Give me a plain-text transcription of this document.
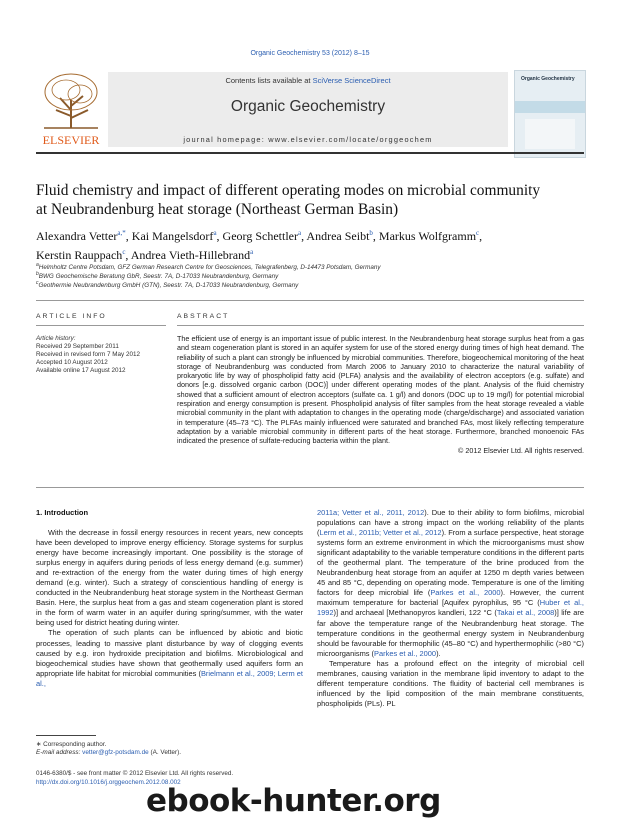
Organic Geochemistry 53 (2012) 8–15
ELSEVIER
Contents lists available at SciVerse ScienceDirect
Organic Geochemistry
journal homepage: www.elsevier.com/locate/orggeochem
Organic Geochemistry
Fluid chemistry and impact of different operating modes on microbial community
at Neubrandenburg heat storage (Northeast German Basin)
Alexandra Vetter$^{a,*}$, Kai Mangelsdorf$^a$, Georg Schettler$^a$, Andrea Seibt$^b$, Markus Wolfgramm$^c$,
Kerstin Rauppach$^c$, Andrea Vieth-Hillebrand$^a$
$^a$Helmholtz Centre Potsdam, GFZ German Research Centre for Geosciences, Telegrafenberg, D-14473 Potsdam, Germany
$^b$BWG Geochemische Beratung GbR, Seestr. 7A, D-17033 Neubrandenburg, Germany
$^c$Geothermie Neubrandenburg GmbH (GTN), Seestr. 7A, D-17033 Neubrandenburg, Germany
ARTICLE INFO	ABSTRACT
Article history:
Received 29 September 2011
Received in revised form 7 May 2012
Accepted 10 August 2012
Available online 17 August 2012
The efficient use of energy is an important issue of public interest. In the Neubrandenburg heat storage surplus heat from a gas and steam cogeneration plant is stored in an aquifer system for use of the stored energy during times of high heat demand. The reliability of such a plant can strongly be influenced by microbial communities. Therefore, biogeochemical monitoring of the heat storage of Neubrandenburg was conducted from March 2006 to January 2010 to characterize the natural variability of prokaryotic life by way of phospholipid fatty acid (PLFA) analysis and the availability of electron acceptors (e.g. sulfate) and donors [e.g. dissolved organic carbon (DOC)] under different operating modes of the plant. Analysis of the fluid chemistry showed that a sufficient amount of electron acceptors (sulfate ca. 1 g/l) and donors (DOC up to 19 mg/l) for potential microbial respiration and energy consumption is present. Phospholipid analysis of filter samples from the heat storage revealed a viable microbial community in the plant with adaptation to changes in the operating mode (charge/discharge) and associated variation in temperature (45–73 °C). The PLFAs mainly influenced were saturated and branched FAs, most likely reflecting temperature adaptation by a variable microbial community in different parts of the heat storage. Furthermore, branched monoenoic FAs indicated the presence of sulfate-reducing bacteria within the plant.
© 2012 Elsevier Ltd. All rights reserved.
1. Introduction

With the decrease in fossil energy resources in recent years, new concepts have been developed to improve energy efficiency. Storage systems for surplus energy have become increasingly important. One possibility is the storage of surplus energy in aquifers during periods of less energy demand (e.g. summer) and re-extraction of the energy from the water during times of high energy demand (e.g. winter). Such a strategy of conscientious handling of energy is conducted in the Neubrandenburg heat storage system in the Northeast German Basin. Here, the surplus heat from a gas and steam cogeneration plant is stored in the form of warm water in an aquifer during spring/summer, with the water being used for district heating during winter.

The operation of such plants can be influenced by abiotic and biotic processes, leading to massive plant disturbance by way of clogging events caused by e.g. iron hydroxide precipitation and biofilms. Microbiological and biogeochemical studies have shown that geothermally used aquifers form an appropriate life habitat for microbial communities (Brielmann et al., 2009; Lerm et al.,

2011a; Vetter et al., 2011, 2012). Due to their ability to form biofilms, microbial populations can have a strong impact on the working reliability of the plants (Lerm et al., 2011b; Vetter et al., 2012). From a surface perspective, heat storage systems form an extreme environment in which the microorganisms must show significant adaptability to the variable temperature conditions in the different parts of the geothermal plant. The temperature of the brine produced from the Neubrandenburg heat storage from an aquifer at 1250 m depth varies between 45 and 85 °C, depending on operating mode. Temperature is one of the limiting factors for deep microbial life (Parkes et al., 2000). However, the current maximum temperature for bacterial [Aquifex pyrophilus, 95 °C (Huber et al., 1992)] and archaeal [Methanopyros kandleri, 122 °C (Takai et al., 2008)] life are far above the temperature range of the Neubrandenburg heat storage. The temperature conditions in the geothermal energy system in Neubrandenburg should be favourable for thermophilic (45–80 °C) and hyperthermophilic (>80 °C) microorganisms (Parkes et al., 2000).

Temperature has a profound effect on the integrity of microbial cell membranes, causing variation in the membrane lipid inventory to adapt to the different temperature conditions. The fluidity of bacterial cell membranes is influenced by the lipid composition of the main membrane constituents, phospholipids (PLs). PL

∗ Corresponding author.
E-mail address: vetter@gfz-potsdam.de (A. Vetter).
0146-6380/$ - see front matter © 2012 Elsevier Ltd. All rights reserved.
http://dx.doi.org/10.1016/j.orggeochem.2012.08.002
ebook-hunter.org
